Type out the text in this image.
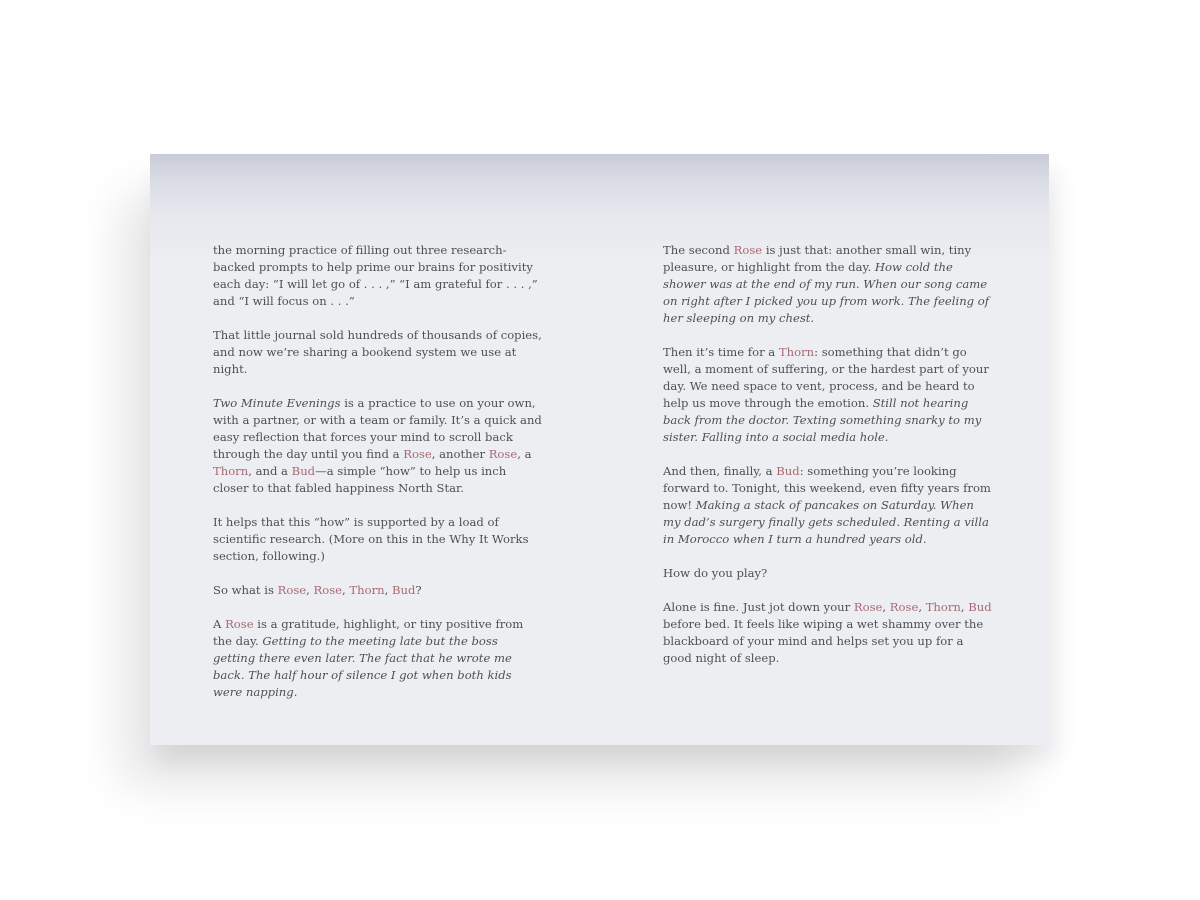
the morning practice of filling out three research-backed prompts to help prime our brains for positivity each day: “I will let go of . . . ,” “I am grateful for . . . ,” and “I will focus on . . .”

That little journal sold hundreds of thousands of copies, and now we’re sharing a bookend system we use at night.

Two Minute Evenings is a practice to use on your own, with a partner, or with a team or family. It’s a quick and easy reflection that forces your mind to scroll back through the day until you find a Rose, another Rose, a Thorn, and a Bud—a simple “how” to help us inch closer to that fabled happiness North Star.

It helps that this “how” is supported by a load of scientific research. (More on this in the Why It Works section, following.)

So what is Rose, Rose, Thorn, Bud?

A Rose is a gratitude, highlight, or tiny positive from the day. Getting to the meeting late but the boss getting there even later. The fact that he wrote me back. The half hour of silence I got when both kids were napping.

The second Rose is just that: another small win, tiny pleasure, or highlight from the day. How cold the shower was at the end of my run. When our song came on right after I picked you up from work. The feeling of her sleeping on my chest.

Then it’s time for a Thorn: something that didn’t go well, a moment of suffering, or the hardest part of your day. We need space to vent, process, and be heard to help us move through the emotion. Still not hearing back from the doctor. Texting something snarky to my sister. Falling into a social media hole.

And then, finally, a Bud: something you’re looking forward to. Tonight, this weekend, even fifty years from now! Making a stack of pancakes on Saturday. When my dad’s surgery finally gets scheduled. Renting a villa in Morocco when I turn a hundred years old.

How do you play?

Alone is fine. Just jot down your Rose, Rose, Thorn, Bud before bed. It feels like wiping a wet shammy over the blackboard of your mind and helps set you up for a good night of sleep.
